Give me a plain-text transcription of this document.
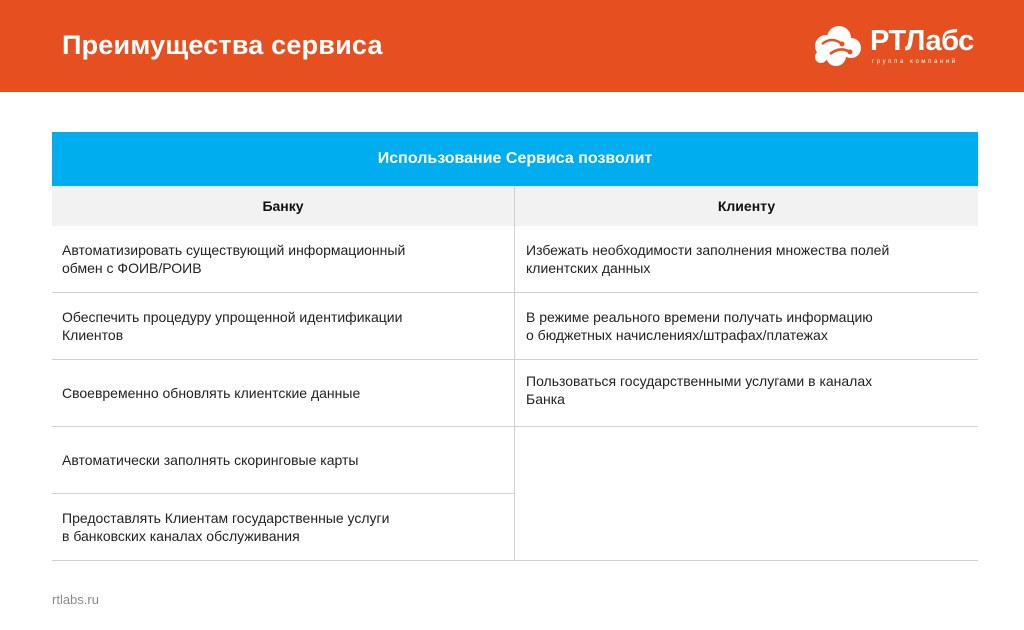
Преимущества сервиса	РТЛабс
группа компаний
Использование Сервиса позволит
Банку	Клиенту
Автоматизировать существующий информационный
обмен с ФОИВ/РОИВ
Обеспечить процедуру упрощенной идентификации
Клиентов
Своевременно обновлять клиентские данные
Автоматически заполнять скоринговые карты
Предоставлять Клиентам государственные услуги
в банковских каналах обслуживания
Избежать необходимости заполнения множества полей
клиентских данных
В режиме реального времени получать информацию
о бюджетных начислениях/штрафах/платежах
Пользоваться государственными услугами в каналах
Банка
rtlabs.ru
